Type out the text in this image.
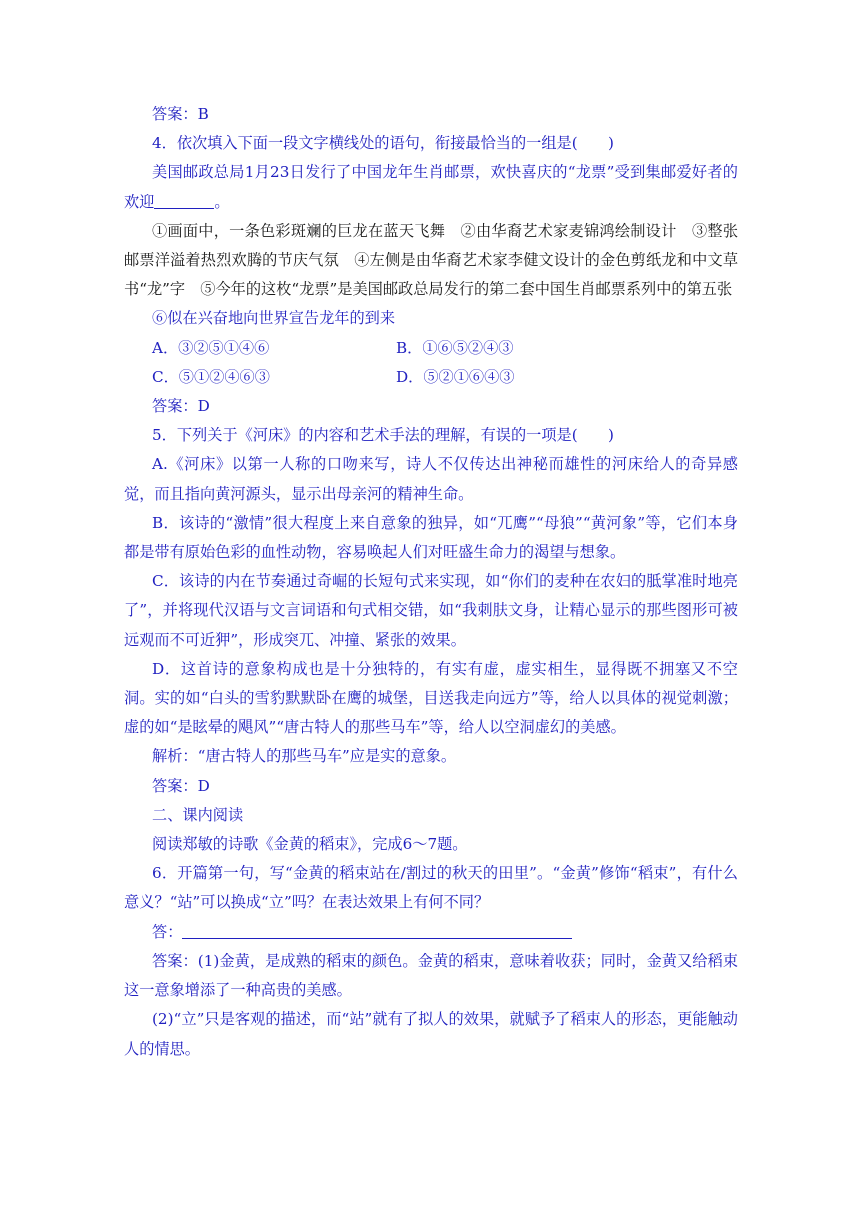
答案：B

4．依次填入下面一段文字横线处的语句，衔接最恰当的一组是(　　)

美国邮政总局1月23日发行了中国龙年生肖邮票，欢快喜庆的“龙票”受到集邮爱好者的欢迎	。

①画面中，一条色彩斑斓的巨龙在蓝天飞舞　②由华裔艺术家麦锦鸿绘制设计　③整张邮票洋溢着热烈欢腾的节庆气氛　④左侧是由华裔艺术家李健文设计的金色剪纸龙和中文草书“龙”字　⑤今年的这枚“龙票”是美国邮政总局发行的第二套中国生肖邮票系列中的第五张

⑥似在兴奋地向世界宣告龙年的到来

A．③②⑤①④⑥	B．①⑥⑤②④③
C．⑤①②④⑥③	D．⑤②①⑥④③

答案：D

5．下列关于《河床》的内容和艺术手法的理解，有误的一项是(　　)

A.《河床》以第一人称的口吻来写，诗人不仅传达出神秘而雄性的河床给人的奇异感觉，而且指向黄河源头，显示出母亲河的精神生命。

B．该诗的“激情”很大程度上来自意象的独异，如“兀鹰”“母狼”“黄河象”等，它们本身都是带有原始色彩的血性动物，容易唤起人们对旺盛生命力的渴望与想象。

C．该诗的内在节奏通过奇崛的长短句式来实现，如“你们的麦种在农妇的胝掌准时地亮了”，并将现代汉语与文言词语和句式相交错，如“我刺肤文身，让精心显示的那些图形可被远观而不可近狎”，形成突兀、冲撞、紧张的效果。

D．这首诗的意象构成也是十分独特的，有实有虚，虚实相生，显得既不拥塞又不空洞。实的如“白头的雪豹默默卧在鹰的城堡，目送我走向远方”等，给人以具体的视觉刺激；虚的如“是眩晕的飓风”“唐古特人的那些马车”等，给人以空洞虚幻的美感。

解析：“唐古特人的那些马车”应是实的意象。

答案：D

二、课内阅读

阅读郑敏的诗歌《金黄的稻束》，完成6～7题。

6．开篇第一句，写“金黄的稻束站在/割过的秋天的田里”。“金黄”修饰“稻束”，有什么意义？“站”可以换成“立”吗？在表达效果上有何不同？

答：

答案：(1)金黄，是成熟的稻束的颜色。金黄的稻束，意味着收获；同时，金黄又给稻束这一意象增添了一种高贵的美感。

(2)“立”只是客观的描述，而“站”就有了拟人的效果，就赋予了稻束人的形态，更能触动人的情思。
